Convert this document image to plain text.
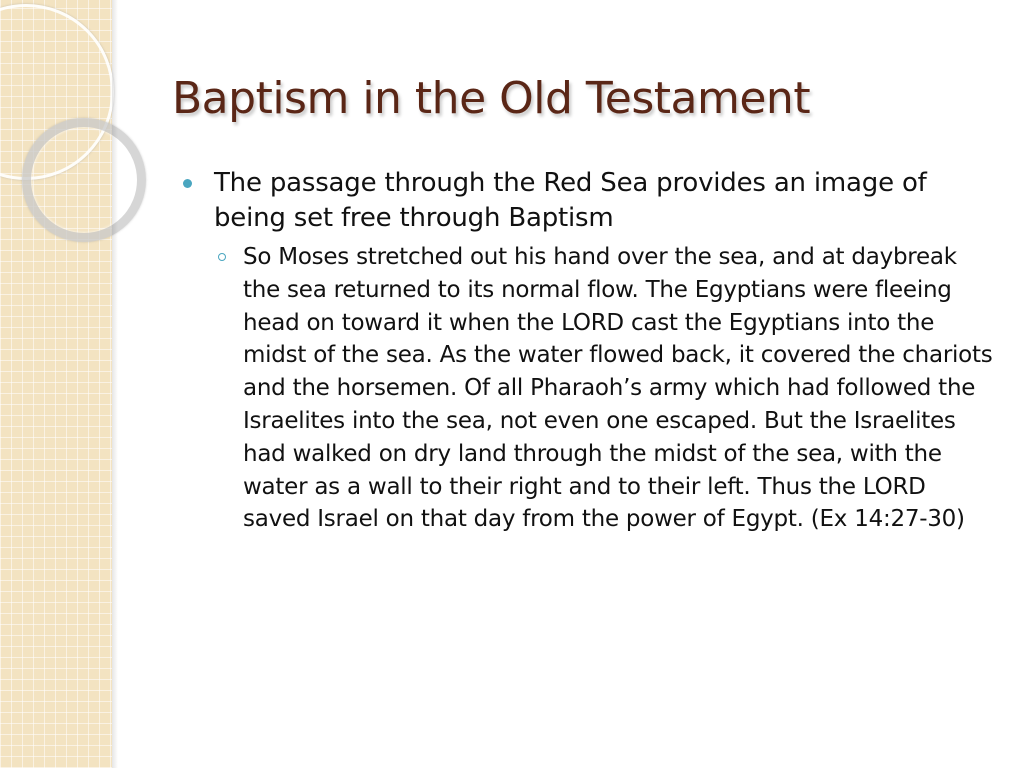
Baptism in the Old Testament
The passage through the Red Sea provides an image of being set free through Baptism
So Moses stretched out his hand over the sea, and at daybreak the sea returned to its normal flow. The Egyptians were fleeing head on toward it when the LORD cast the Egyptians into the midst of the sea. As the water flowed back, it covered the chariots and the horsemen. Of all Pharaoh’s army which had followed the Israelites into the sea, not even one escaped. But the Israelites had walked on dry land through the midst of the sea, with the water as a wall to their right and to their left. Thus the LORD saved Israel on that day from the power of Egypt. (Ex 14:27-30)
